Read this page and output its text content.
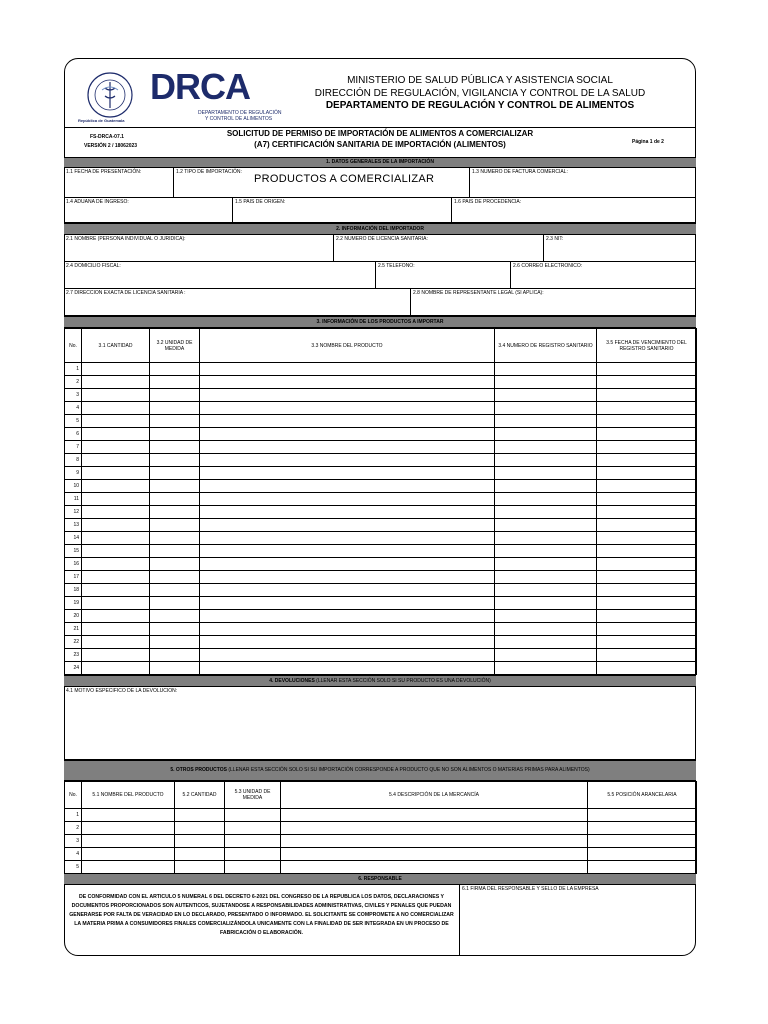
República de Guatemala
DRCA
DEPARTAMENTO DE REGULACIÓN
Y CONTROL DE ALIMENTOS
MINISTERIO DE SALUD PÚBLICA Y ASISTENCIA SOCIAL
DIRECCIÓN DE REGULACIÓN, VIGILANCIA Y CONTROL DE LA SALUD
DEPARTAMENTO DE REGULACIÓN Y CONTROL DE ALIMENTOS
FS-DRCA-07.1
VERSIÓN 2 / 18062023
SOLICITUD DE PERMISO DE IMPORTACIÓN DE ALIMENTOS A COMERCIALIZAR
(A7) CERTIFICACIÓN SANITARIA DE IMPORTACIÓN (ALIMENTOS)	Página 1 de 2
1. DATOS GENERALES DE LA IMPORTACIÓN
1.1 FECHA DE PRESENTACIÓN:	1.2 TIPO DE IMPORTACIÓN:
PRODUCTOS A COMERCIALIZAR
1.3 NUMERO DE FACTURA COMERCIAL:
1.4 ADUANA DE INGRESO:	1.5 PAIS DE ORIGEN:	1.6 PAIS DE PROCEDENCIA:
2. INFORMACIÓN DEL IMPORTADOR
2.1 NOMBRE (PERSONA INDIVIDUAL O JURIDICA):	2.2 NUMERO DE LICENCIA SANITARIA:	2.3 NIT:
2.4 DOMICILIO FISCAL:	2.5 TELEFONO:	2.6 CORREO ELECTRONICO:
2.7 DIRECCION EXACTA DE LICENCIA SANITARIA :	2.8 NOMBRE DE REPRESENTANTE LEGAL (SI APLICA):
3. INFORMACIÓN DE LOS PRODUCTOS A IMPORTAR
No.	3.1 CANTIDAD	3.2 UNIDAD DE MEDIDA	3.3 NOMBRE DEL PRODUCTO	3.4 NUMERO DE REGISTRO SANITARIO	3.5 FECHA DE VENCIMIENTO DEL REGISTRO SANITARIO
1					
2					
3					
4					
5					
6					
7					
8					
9					
10					
11					
12					
13					
14					
15					
16					
17					
18					
19					
20					
21					
22					
23					
24					
4. DEVOLUCIONES (LLENAR ESTA SECCIÓN SOLO SI SU PRODUCTO ES UNA DEVOLUCIÓN)
4.1 MOTIVO ESPECIFICO DE LA DEVOLUCION:
5. OTROS PRODUCTOS (LLENAR ESTA SECCIÓN SOLO SI SU IMPORTACIÓN CORRESPONDE A PRODUCTO QUE NO SON ALIMENTOS O MATERIAS PRIMAS PARA ALIMENTOS)
No.	5.1 NOMBRE DEL PRODUCTO	5.2 CANTIDAD	5.3 UNIDAD DE MEDIDA	5.4 DESCRIPCIÓN DE LA MERCANCÍA	5.5 POSICIÓN ARANCELARIA
1					
2					
3					
4					
5					
6. RESPONSABLE
DE CONFORMIDAD CON EL ARTICULO 5 NUMERAL 6 DEL DECRETO 6-2021 DEL CONGRESO DE LA REPUBLICA LOS DATOS, DECLARACIONES Y DOCUMENTOS PROPORCIONADOS SON AUTENTICOS, SUJETANDOSE A RESPONSABILIDADES ADMINISTRATIVAS, CIVILES Y PENALES QUE PUEDAN GENERARSE POR FALTA DE VERACIDAD EN LO DECLARADO, PRESENTADO O INFORMADO. EL SOLICITANTE SE COMPROMETE A NO COMERCIALIZAR LA MATERIA PRIMA A CONSUMIDORES FINALES COMERCIALIZÁNDOLA UNICAMENTE CON LA FINALIDAD DE SER INTEGRADA EN UN PROCESO DE FABRICACIÓN O ELABORACIÓN.
6.1 FIRMA DEL RESPONSABLE Y SELLO DE LA EMPRESA
